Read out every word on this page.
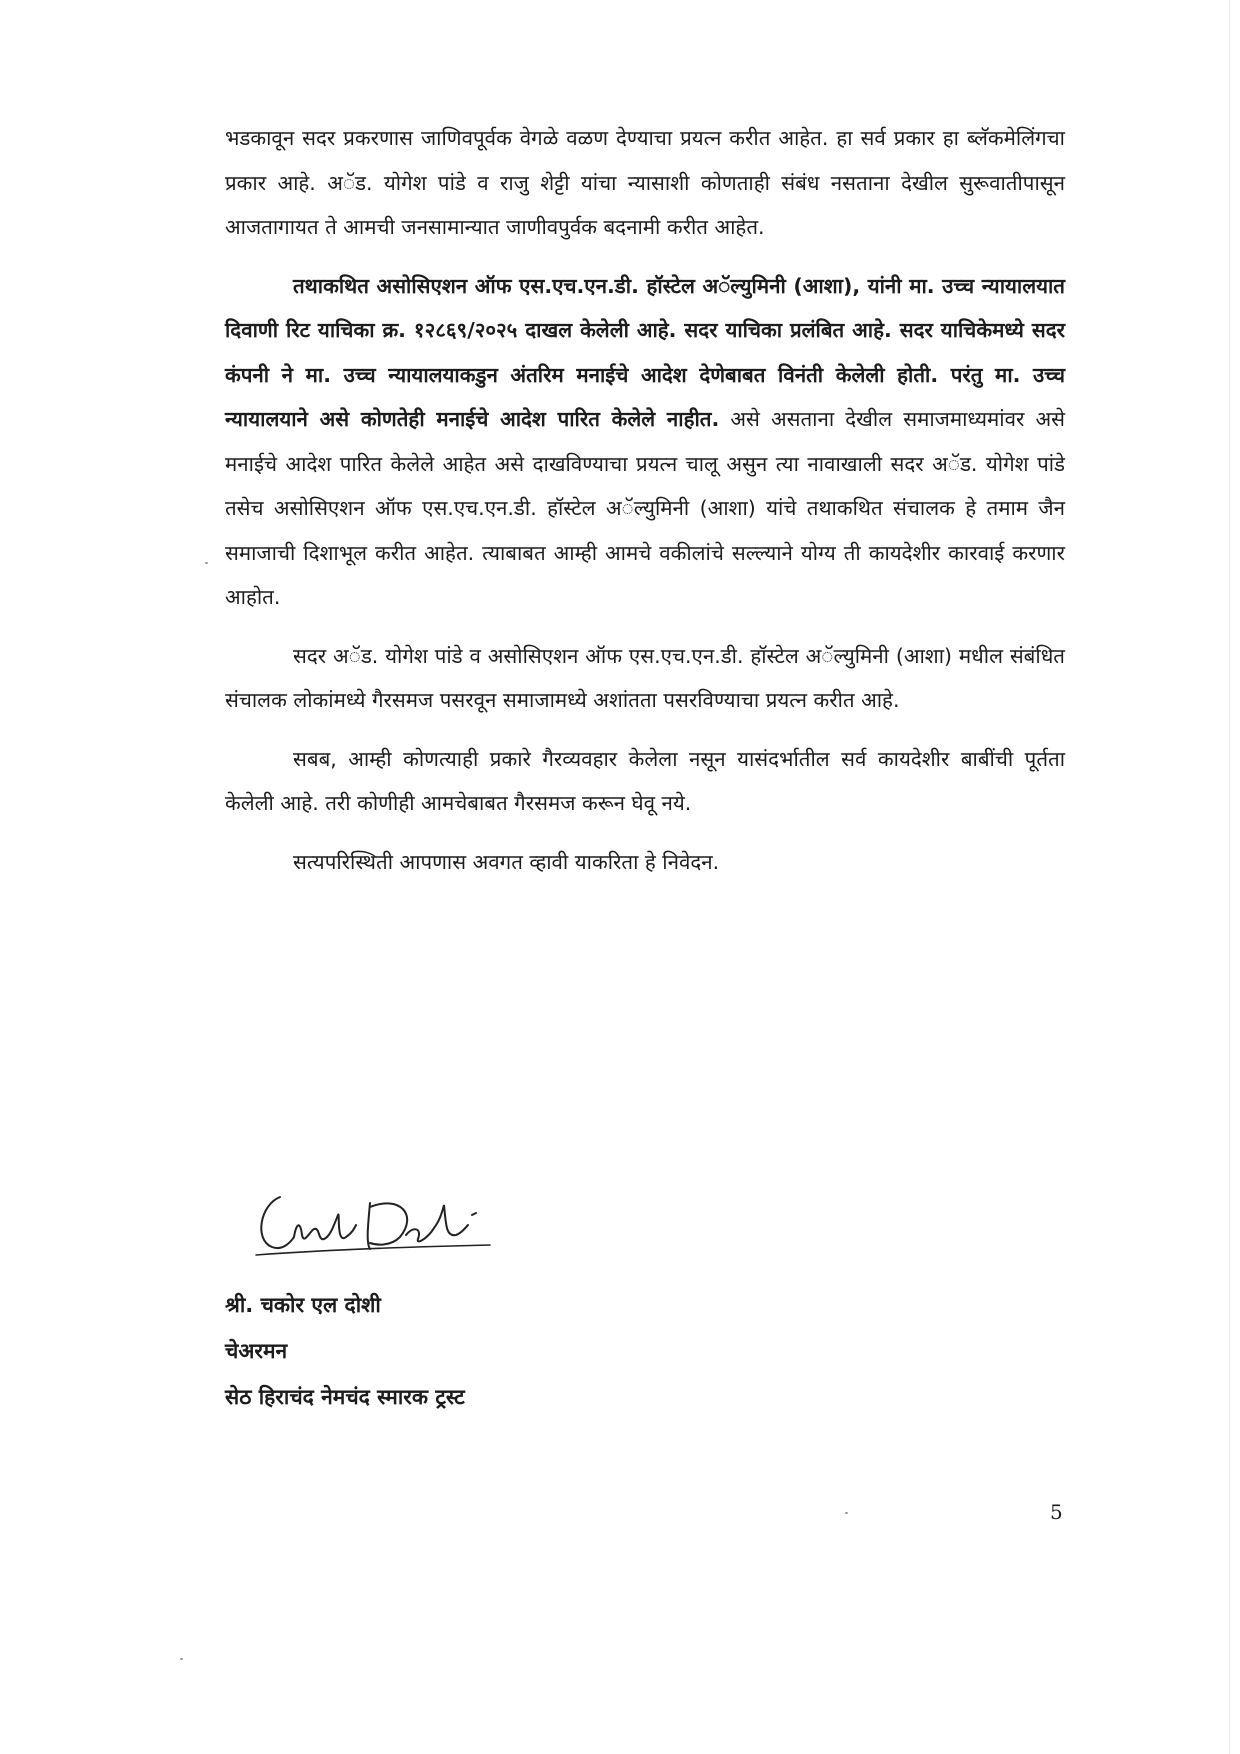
भडकावून सदर प्रकरणास जाणिवपूर्वक वेगळे वळण देण्याचा प्रयत्न करीत आहेत. हा सर्व प्रकार हा ब्लॅकमेलिंगचा प्रकार आहे. अॅड. योगेश पांडे व राजु शेट्टी यांचा न्यासाशी कोणताही संबंध नसताना देखील सुरूवातीपासून आजतागायत ते आमची जनसामान्यात जाणीवपुर्वक बदनामी करीत आहेत.

तथाकथित असोसिएशन ऑफ एस.एच.एन.डी. हॉस्टेल अॅल्युमिनी (आशा), यांनी मा. उच्च न्यायालयात दिवाणी रिट याचिका क्र. १२८६९/२०२५ दाखल केलेली आहे. सदर याचिका प्रलंबित आहे. सदर याचिकेमध्ये सदर कंपनी ने मा. उच्च न्यायालयाकडुन अंतरिम मनाईचे आदेश देणेबाबत विनंती केलेली होती. परंतु मा. उच्च न्यायालयाने असे कोणतेही मनाईचे आदेश पारित केलेले नाहीत. असे असताना देखील समाजमाध्यमांवर असे मनाईचे आदेश पारित केलेले आहेत असे दाखविण्याचा प्रयत्न चालू असुन त्या नावाखाली सदर अॅड. योगेश पांडे तसेच असोसिएशन ऑफ एस.एच.एन.डी. हॉस्टेल अॅल्युमिनी (आशा) यांचे तथाकथित संचालक हे तमाम जैन समाजाची दिशाभूल करीत आहेत. त्याबाबत आम्ही आमचे वकीलांचे सल्ल्याने योग्य ती कायदेशीर कारवाई करणार आहोत.

सदर अॅड. योगेश पांडे व असोसिएशन ऑफ एस.एच.एन.डी. हॉस्टेल अॅल्युमिनी (आशा) मधील संबंधित संचालक लोकांमध्ये गैरसमज पसरवून समाजामध्ये अशांतता पसरविण्याचा प्रयत्न करीत आहे.

सबब, आम्ही कोणत्याही प्रकारे गैरव्यवहार केलेला नसून यासंदर्भातील सर्व कायदेशीर बाबींची पूर्तता केलेली आहे. तरी कोणीही आमचेबाबत गैरसमज करून घेवू नये.

सत्यपरिस्थिती आपणास अवगत व्हावी याकरिता हे निवेदन.

श्री. चकोर एल दोशी
चेअरमन
सेठ हिराचंद नेमचंद स्मारक ट्रस्ट
5
